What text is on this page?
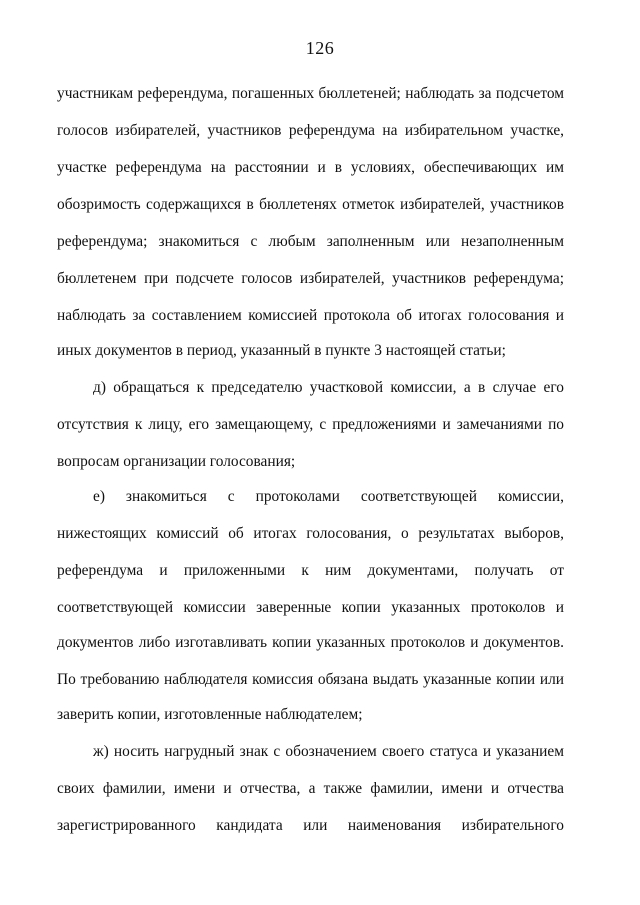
126
участникам референдума, погашенных бюллетеней; наблюдать за подсчетом
голосов избирателей, участников референдума на избирательном участке,
участке референдума на расстоянии и в условиях, обеспечивающих им
обозримость содержащихся в бюллетенях отметок избирателей, участников
референдума; знакомиться с любым заполненным или незаполненным
бюллетенем при подсчете голосов избирателей, участников референдума;
наблюдать за составлением комиссией протокола об итогах голосования и
иных документов в период, указанный в пункте 3 настоящей статьи;
д) обращаться к председателю участковой комиссии, а в случае его
отсутствия к лицу, его замещающему, с предложениями и замечаниями по
вопросам организации голосования;
е) знакомиться с протоколами соответствующей комиссии,
нижестоящих комиссий об итогах голосования, о результатах выборов,
референдума и приложенными к ним документами, получать от
соответствующей комиссии заверенные копии указанных протоколов и
документов либо изготавливать копии указанных протоколов и документов.
По требованию наблюдателя комиссия обязана выдать указанные копии или
заверить копии, изготовленные наблюдателем;
ж) носить нагрудный знак с обозначением своего статуса и указанием
своих фамилии, имени и отчества, а также фамилии, имени и отчества
зарегистрированного кандидата или наименования избирательного
